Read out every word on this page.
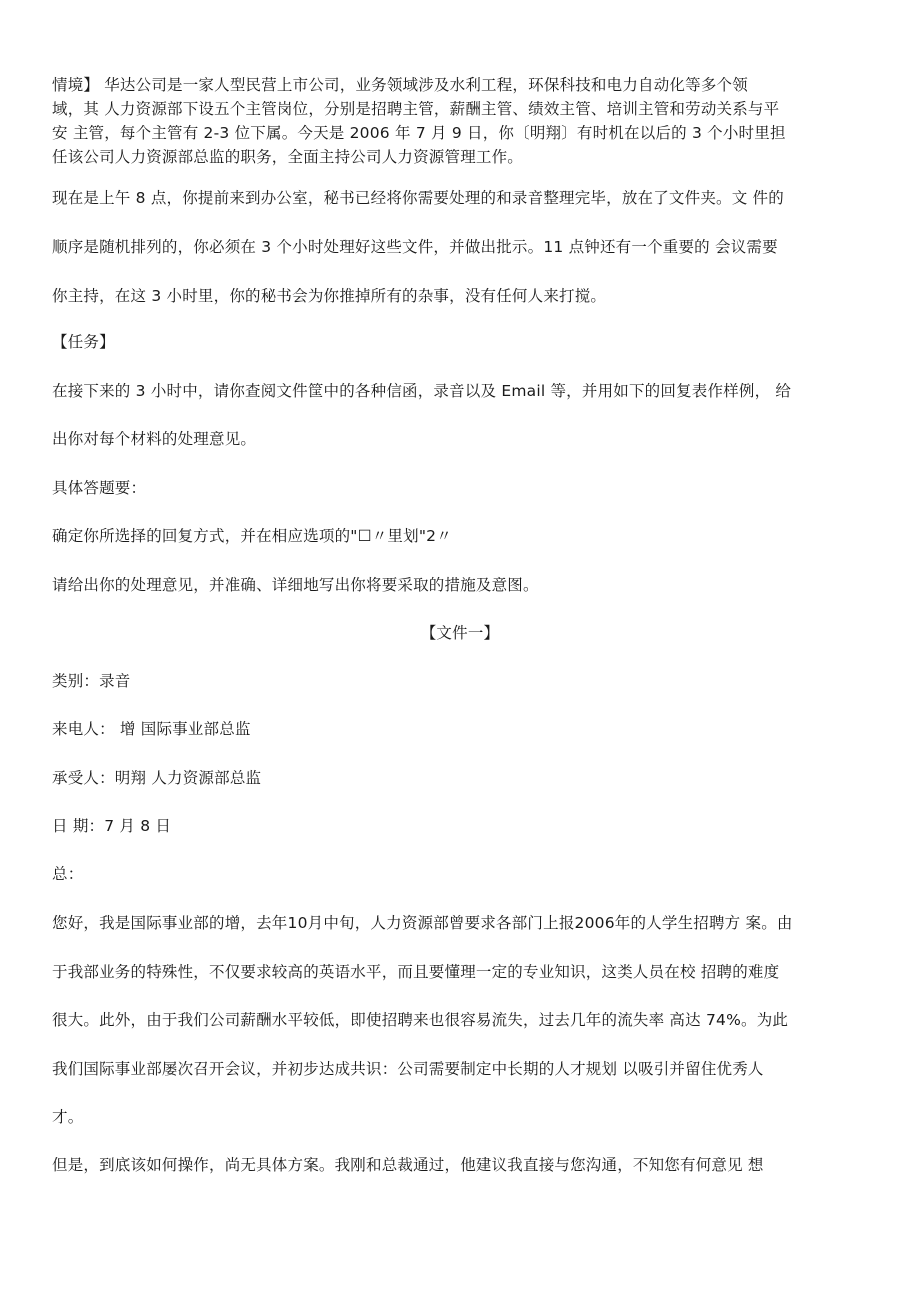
情境】 华达公司是一家人型民营上市公司，业务领域涉及水利工程，环保科技和电力自动化等多个领
域，其 人力资源部下设五个主管岗位，分别是招聘主管，薪酬主管、绩效主管、培训主管和劳动关系与平
安 主管，每个主管有 2-3 位下属。今天是 2006 年 7 月 9 日，你〔明翔〕有时机在以后的 3 个小时里担
任该公司人力资源部总监的职务，全面主持公司人力资源管理工作。
现在是上午 8 点，你提前来到办公室，秘书已经将你需要处理的和录音整理完毕，放在了文件夹。文 件的
顺序是随机排列的，你必须在 3 个小时处理好这些文件，并做出批示。11 点钟还有一个重要的 会议需要
你主持，在这 3 小时里，你的秘书会为你推掉所有的杂事，没有任何人来打搅。
【任务】
在接下来的 3 小时中，请你查阅文件筐中的各种信函，录音以及 Email 等，并用如下的回复表作样例， 给
出你对每个材料的处理意见。
具体答题要：
确定你所选择的回复方式，并在相应选项的"☐〃里划"2〃
请给出你的处理意见，并准确、详细地写出你将要采取的措施及意图。
【文件一】
类别：录音
来电人： 增 国际事业部总监
承受人：明翔 人力资源部总监
日 期：7 月 8 日
总：
您好，我是国际事业部的增，去年10月中旬，人力资源部曾要求各部门上报2006年的人学生招聘方 案。由
于我部业务的特殊性，不仅要求较高的英语水平，而且要懂理一定的专业知识，这类人员在校 招聘的难度
很大。此外，由于我们公司薪酬水平较低，即使招聘来也很容易流失，过去几年的流失率 高达 74%。为此
我们国际事业部屡次召开会议，并初步达成共识：公司需要制定中长期的人才规划 以吸引并留住优秀人
才。
但是，到底该如何操作，尚无具体方案。我刚和总裁通过，他建议我直接与您沟通，不知您有何意见 想
